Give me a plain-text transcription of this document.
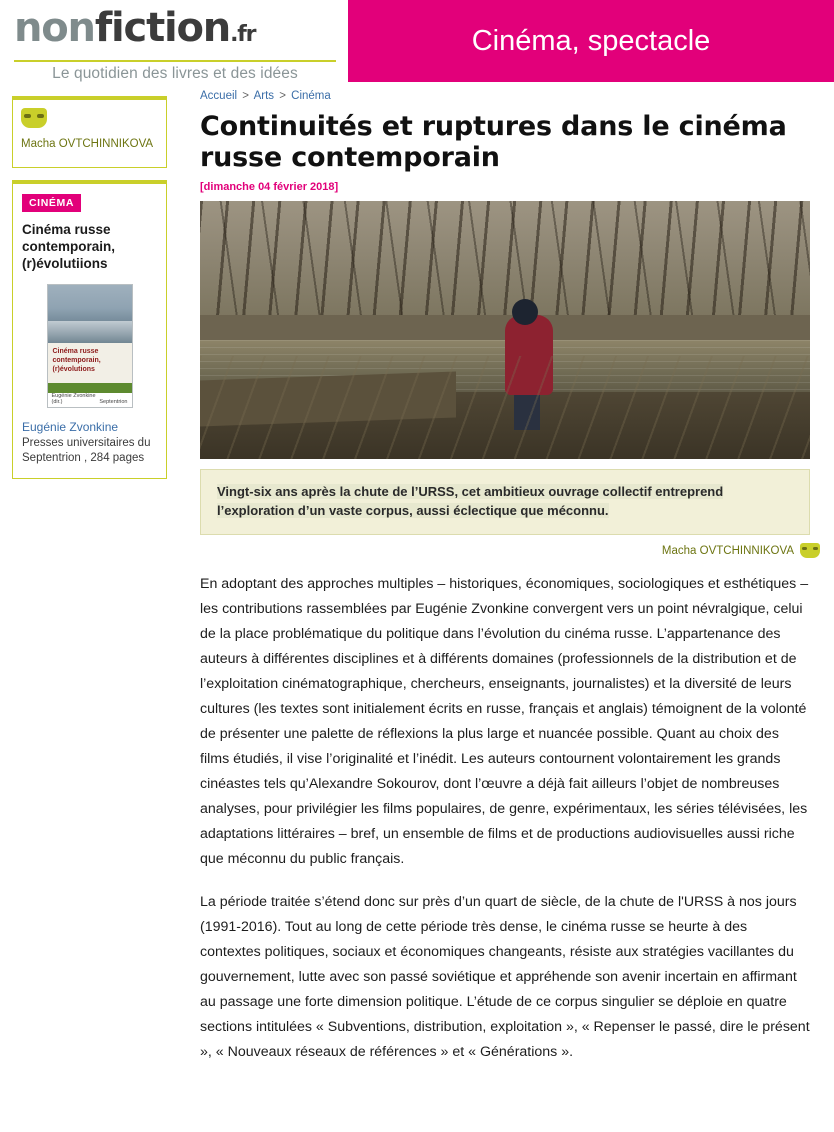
nonfiction.fr
Le quotidien des livres et des idées
Cinéma, spectacle
Macha OVTCHINNIKOVA
CINÉMA
Cinéma russe contemporain, (r)évolutiions
Cinéma russe contemporain, (r)évolutions
Eugénie Zvonkine (dir.)	Septentrion
Eugénie Zvonkine
Presses universitaires du Septentrion , 284 pages
Accueil > Arts > Cinéma
Continuités et ruptures dans le cinéma russe contemporain
[dimanche 04 février 2018]

Vingt-six ans après la chute de l’URSS, cet ambitieux ouvrage collectif entreprend l’exploration d’un vaste corpus, aussi éclectique que méconnu.

Macha OVTCHINNIKOVA

En adoptant des approches multiples – historiques, économiques, sociologiques et esthétiques – les contributions rassemblées par Eugénie Zvonkine convergent vers un point névralgique, celui de la place problématique du politique dans l’évolution du cinéma russe. L’appartenance des auteurs à différentes disciplines et à différents domaines (professionnels de la distribution et de l’exploitation cinématographique, chercheurs, enseignants, journalistes) et la diversité de leurs cultures (les textes sont initialement écrits en russe, français et anglais) témoignent de la volonté de présenter une palette de réflexions la plus large et nuancée possible. Quant au choix des films étudiés, il vise l’originalité et l’inédit. Les auteurs contournent volontairement les grands cinéastes tels qu’Alexandre Sokourov, dont l’œuvre a déjà fait ailleurs l’objet de nombreuses analyses, pour privilégier les films populaires, de genre, expérimentaux, les séries télévisées, les adaptations littéraires – bref, un ensemble de films et de productions audiovisuelles aussi riche que méconnu du public français.

La période traitée s’étend donc sur près d’un quart de siècle, de la chute de l'URSS à nos jours (1991-2016). Tout au long de cette période très dense, le cinéma russe se heurte à des contextes politiques, sociaux et économiques changeants, résiste aux stratégies vacillantes du gouvernement, lutte avec son passé soviétique et appréhende son avenir incertain en affirmant au passage une forte dimension politique. L’étude de ce corpus singulier se déploie en quatre sections intitulées « Subventions, distribution, exploitation », « Repenser le passé, dire le présent », « Nouveaux réseaux de références » et « Générations ».
